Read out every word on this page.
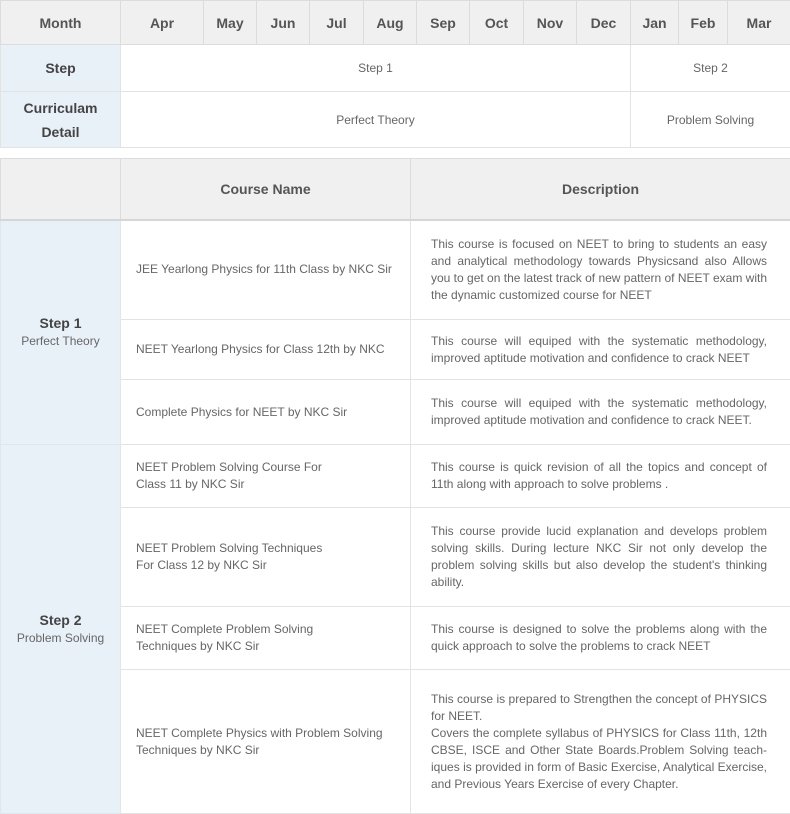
Month	Apr	May	Jun	Jul	Aug	Sep	Oct	Nov	Dec	Jan	Feb	Mar
Step	Step 1									Step 2		
Curriculam Detail	Perfect Theory									Problem Solving		
	Course Name	Description

Step 1
Perfect Theory	JEE Yearlong Physics for 11th Class by NKC Sir	This course is focused on NEET to bring to students an easy and analytical methodology towards Physicsand also Allows you to get on the latest track of new pattern of NEET exam with the dynamic customized course for NEET
	NEET Yearlong Physics for Class 12th by NKC	This course will equiped with the systematic methodology, improved aptitude motivation and confidence to crack NEET
	Complete Physics for NEET by NKC Sir	This course will equiped with the systematic methodology, improved aptitude motivation and confidence to crack NEET.

Step 2
Problem Solving	NEET Problem Solving Course For
Class 11 by NKC Sir	This course is quick revision of all the topics and concept of 11th along with approach to solve problems .
	NEET Problem Solving Techniques
For Class 12 by NKC Sir	This course provide lucid explanation and develops problem solving skills. During lecture NKC Sir not only develop the problem solving skills but also develop the student's thinking ability.
	NEET Complete Problem Solving
Techniques by NKC Sir	This course is designed to solve the problems along with the quick approach to solve the problems to crack NEET
	NEET Complete Physics with Problem Solving Techniques by NKC Sir	This course is prepared to Strengthen the concept of PHYSICS for NEET.
Covers the complete syllabus of PHYSICS for Class 11th, 12th CBSE, ISCE and Other State Boards.Problem Solving teach-iques is provided in form of Basic Exercise, Analytical Exercise, and Previous Years Exercise of every Chapter.
